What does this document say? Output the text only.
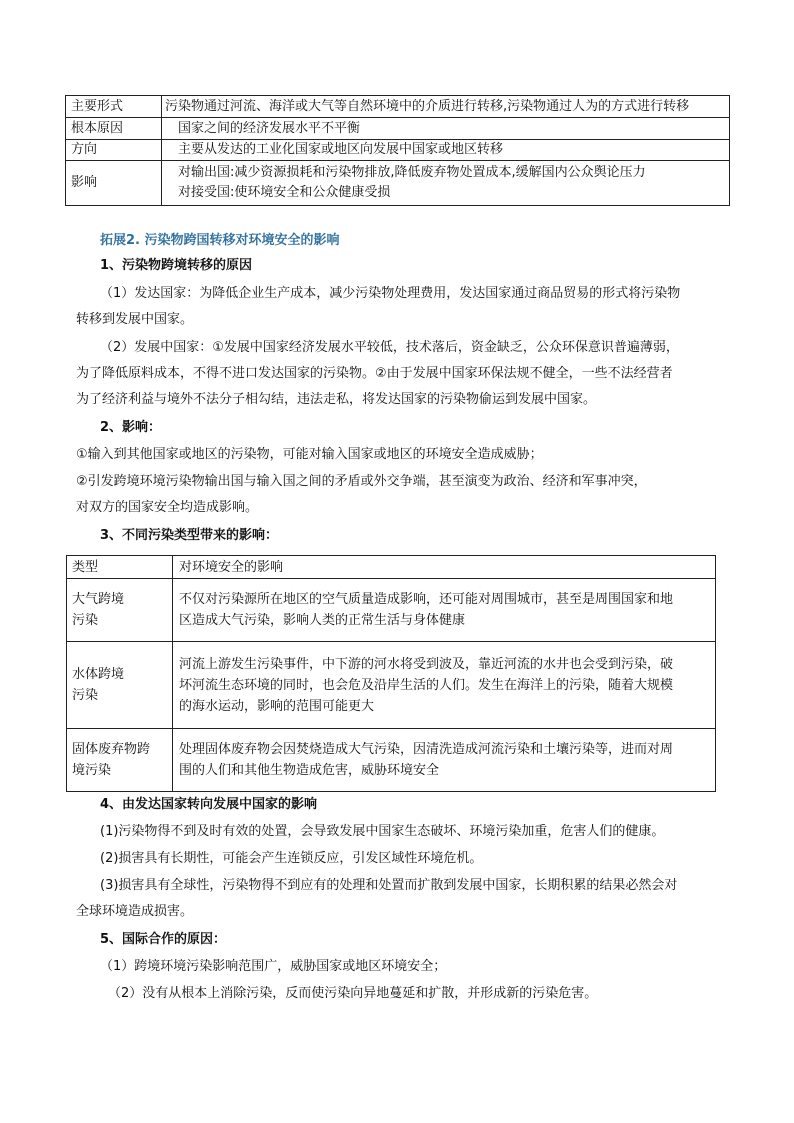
主要形式	污染物通过河流、海洋或大气等自然环境中的介质进行转移,污染物通过人为的方式进行转移

根本原因	国家之间的经济发展水平不平衡

方向	主要从发达的工业化国家或地区向发展中国家或地区转移

影响	对输出国:减少资源损耗和污染物排放,降低废弃物处置成本,缓解国内公众舆论压力
对接受国:使环境安全和公众健康受损
拓展2. 污染物跨国转移对环境安全的影响
1、污染物跨境转移的原因
（1）发达国家：为降低企业生产成本，减少污染物处理费用，发达国家通过商品贸易的形式将污染物
转移到发展中国家。
（2）发展中国家：①发展中国家经济发展水平较低，技术落后，资金缺乏，公众环保意识普遍薄弱，
为了降低原料成本，不得不进口发达国家的污染物。②由于发展中国家环保法规不健全，一些不法经营者
为了经济利益与境外不法分子相勾结，违法走私，将发达国家的污染物偷运到发展中国家。
2、影响：
①输入到其他国家或地区的污染物，可能对输入国家或地区的环境安全造成威胁；
②引发跨境环境污染物输出国与输入国之间的矛盾或外交争端，甚至演变为政治、经济和军事冲突，
对双方的国家安全均造成影响。
3、不同污染类型带来的影响：
类型	对环境安全的影响

大气跨境
污染	不仅对污染源所在地区的空气质量造成影响，还可能对周围城市，甚至是周围国家和地
区造成大气污染，影响人类的正常生活与身体健康

水体跨境
污染	河流上游发生污染事件，中下游的河水将受到波及，靠近河流的水井也会受到污染，破
坏河流生态环境的同时，也会危及沿岸生活的人们。发生在海洋上的污染，随着大规模
的海水运动，影响的范围可能更大

固体废弃物跨
境污染	处理固体废弃物会因焚烧造成大气污染，因清洗造成河流污染和土壤污染等，进而对周
围的人们和其他生物造成危害，威胁环境安全
4、由发达国家转向发展中国家的影响
(1)污染物得不到及时有效的处置，会导致发展中国家生态破坏、环境污染加重，危害人们的健康。
(2)损害具有长期性，可能会产生连锁反应，引发区域性环境危机。
(3)损害具有全球性，污染物得不到应有的处理和处置而扩散到发展中国家，长期积累的结果必然会对
全球环境造成损害。
5、国际合作的原因：
（1）跨境环境污染影响范围广，威胁国家或地区环境安全；
（2）没有从根本上消除污染，反而使污染向异地蔓延和扩散，并形成新的污染危害。
